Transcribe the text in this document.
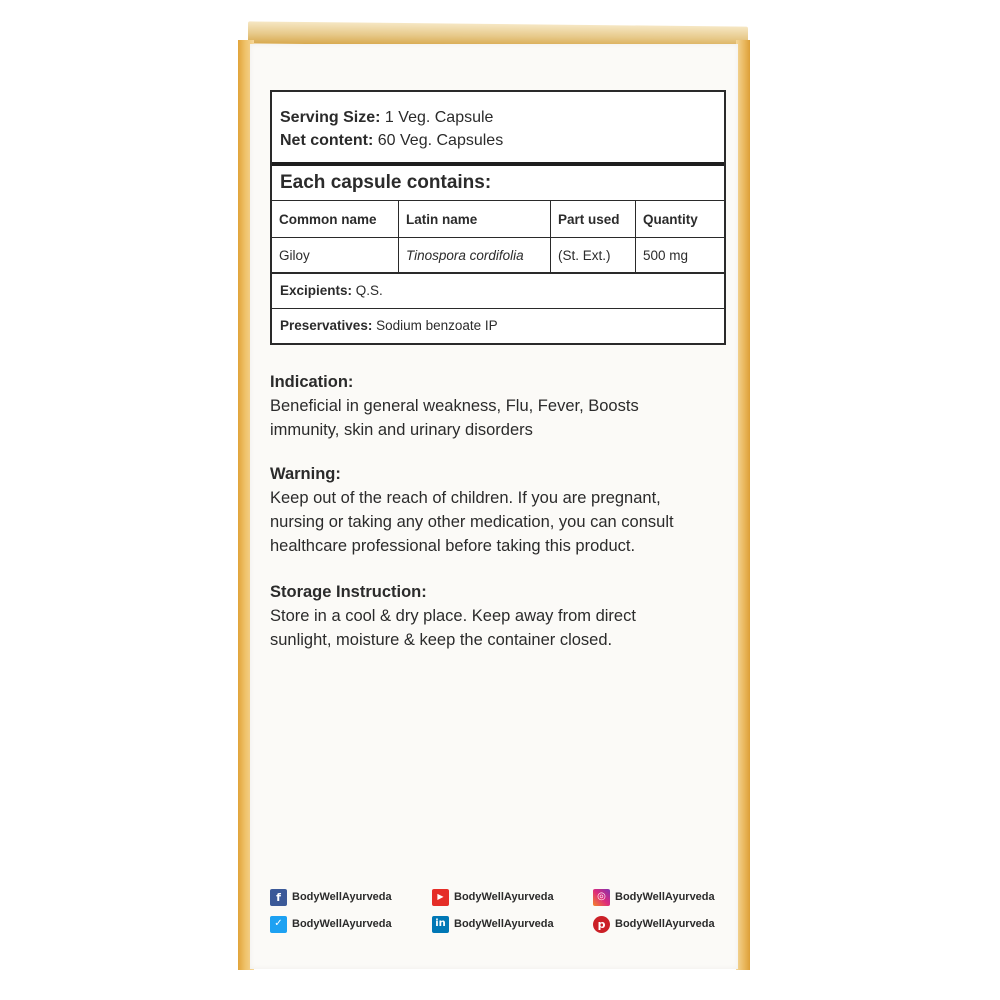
Serving Size: 1 Veg. Capsule
Net content: 60 Veg. Capsules
Each capsule contains:
Common name	Latin name	Part used	Quantity
Giloy	Tinospora cordifolia	(St. Ext.)	500 mg
Excipients: Q.S.
Preservatives: Sodium benzoate IP
Indication:
Beneficial in general weakness, Flu, Fever, Boosts
immunity, skin and urinary disorders
Warning:
Keep out of the reach of children. If you are pregnant,
nursing or taking any other medication, you can consult
healthcare professional before taking this product.
Storage Instruction:
Store in a cool & dry place. Keep away from direct
sunlight, moisture & keep the container closed.
f	BodyWellAyurveda	▶ BodyWellAyurveda	◎ BodyWellAyurveda
✓ BodyWellAyurveda	in BodyWellAyurveda	p BodyWellAyurveda
